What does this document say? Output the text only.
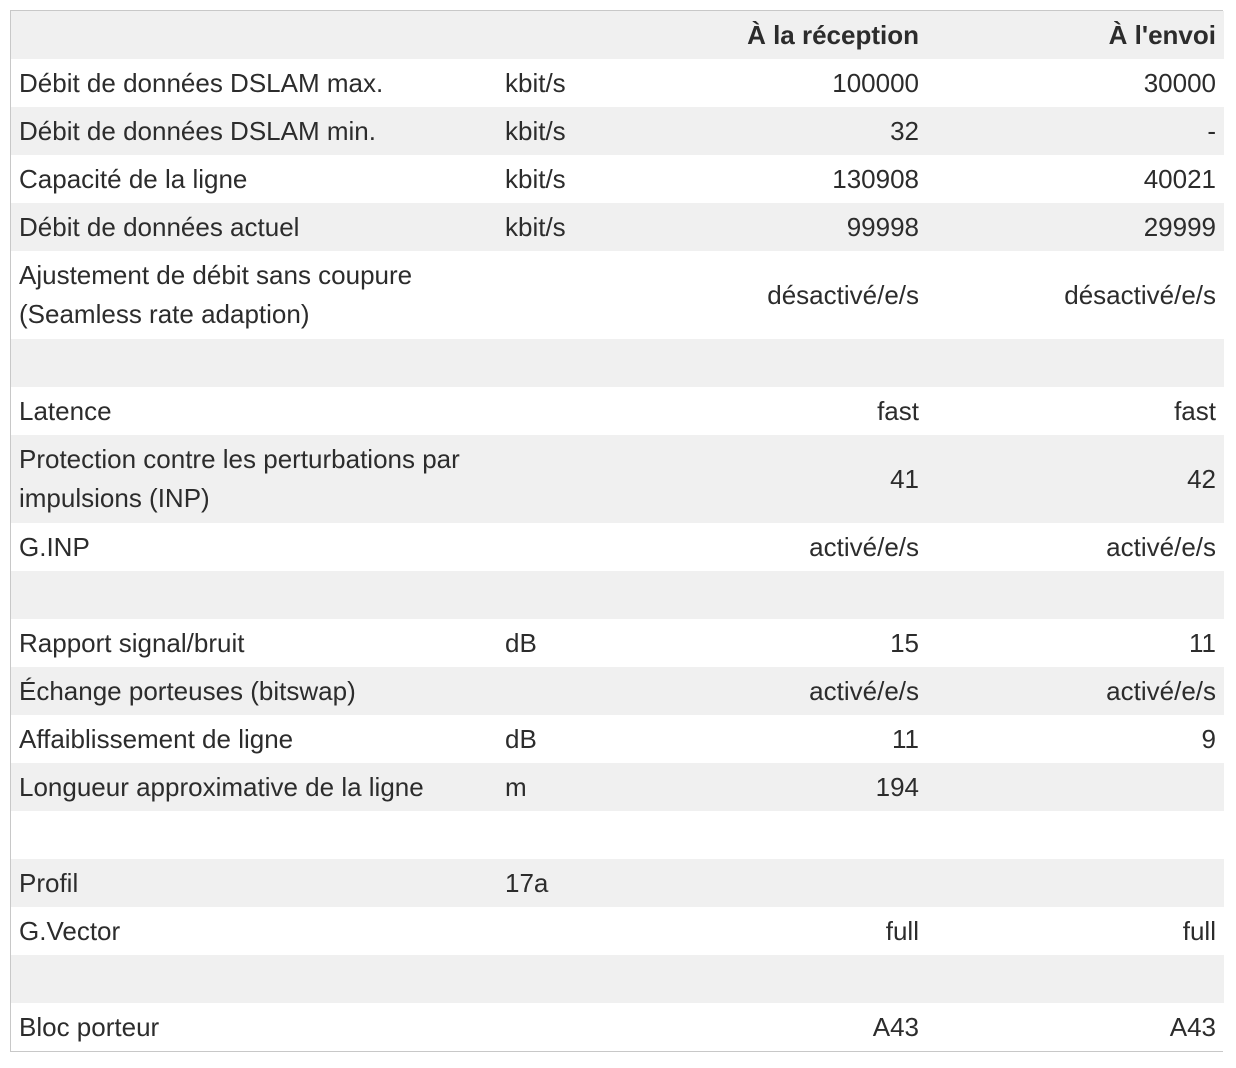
		À la réception	À l'envoi
Débit de données DSLAM max.	kbit/s	100000	30000
Débit de données DSLAM min.	kbit/s	32	-
Capacité de la ligne	kbit/s	130908	40021
Débit de données actuel	kbit/s	99998	29999
Ajustement de débit sans coupure (Seamless rate adaption)		désactivé/e/s	désactivé/e/s

Latence		fast	fast
Protection contre les perturbations par impulsions (INP)		41	42
G.INP		activé/e/s	activé/e/s

Rapport signal/bruit	dB	15	11
Échange porteuses (bitswap)		activé/e/s	activé/e/s
Affaiblissement de ligne	dB	11	9
Longueur approximative de la ligne	m	194	

Profil	17a		
G.Vector		full	full

Bloc porteur		A43	A43
